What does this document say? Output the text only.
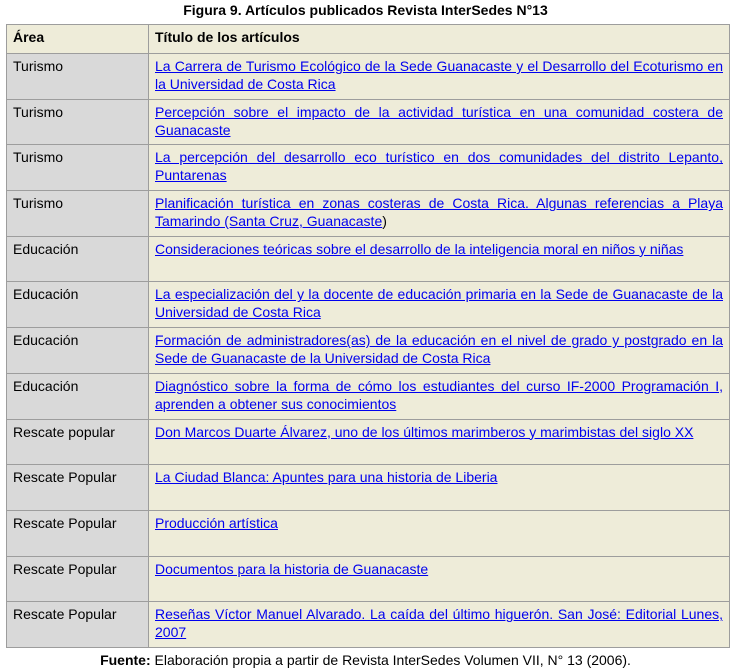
Figura 9. Artículos publicados Revista InterSedes N°13
Área	Título de los artículos
Turismo	La Carrera de Turismo Ecológico de la Sede Guanacaste y el Desarrollo del Ecoturismo en la Universidad de Costa Rica
Turismo	Percepción sobre el impacto de la actividad turística en una comunidad costera de Guanacaste
Turismo	La percepción del desarrollo eco turístico en dos comunidades del distrito Lepanto, Puntarenas
Turismo	Planificación turística en zonas costeras de Costa Rica. Algunas referencias a Playa Tamarindo (Santa Cruz, Guanacaste)
Educación	Consideraciones teóricas sobre el desarrollo de la inteligencia moral en niños y niñas
Educación	La especialización del y la docente de educación primaria en la Sede de Guanacaste de la Universidad de Costa Rica
Educación	Formación de administradores(as) de la educación en el nivel de grado y postgrado en la Sede de Guanacaste de la Universidad de Costa Rica
Educación	Diagnóstico sobre la forma de cómo los estudiantes del curso IF-2000 Programación I, aprenden a obtener sus conocimientos
Rescate popular	Don Marcos Duarte Álvarez, uno de los últimos marimberos y marimbistas del siglo XX
Rescate Popular	La Ciudad Blanca: Apuntes para una historia de Liberia
Rescate Popular	Producción artística
Rescate Popular	Documentos para la historia de Guanacaste
Rescate Popular	Reseñas Víctor Manuel Alvarado. La caída del último higuerón. San José: Editorial Lunes, 2007
Fuente: Elaboración propia a partir de Revista InterSedes Volumen VII, N° 13 (2006).
